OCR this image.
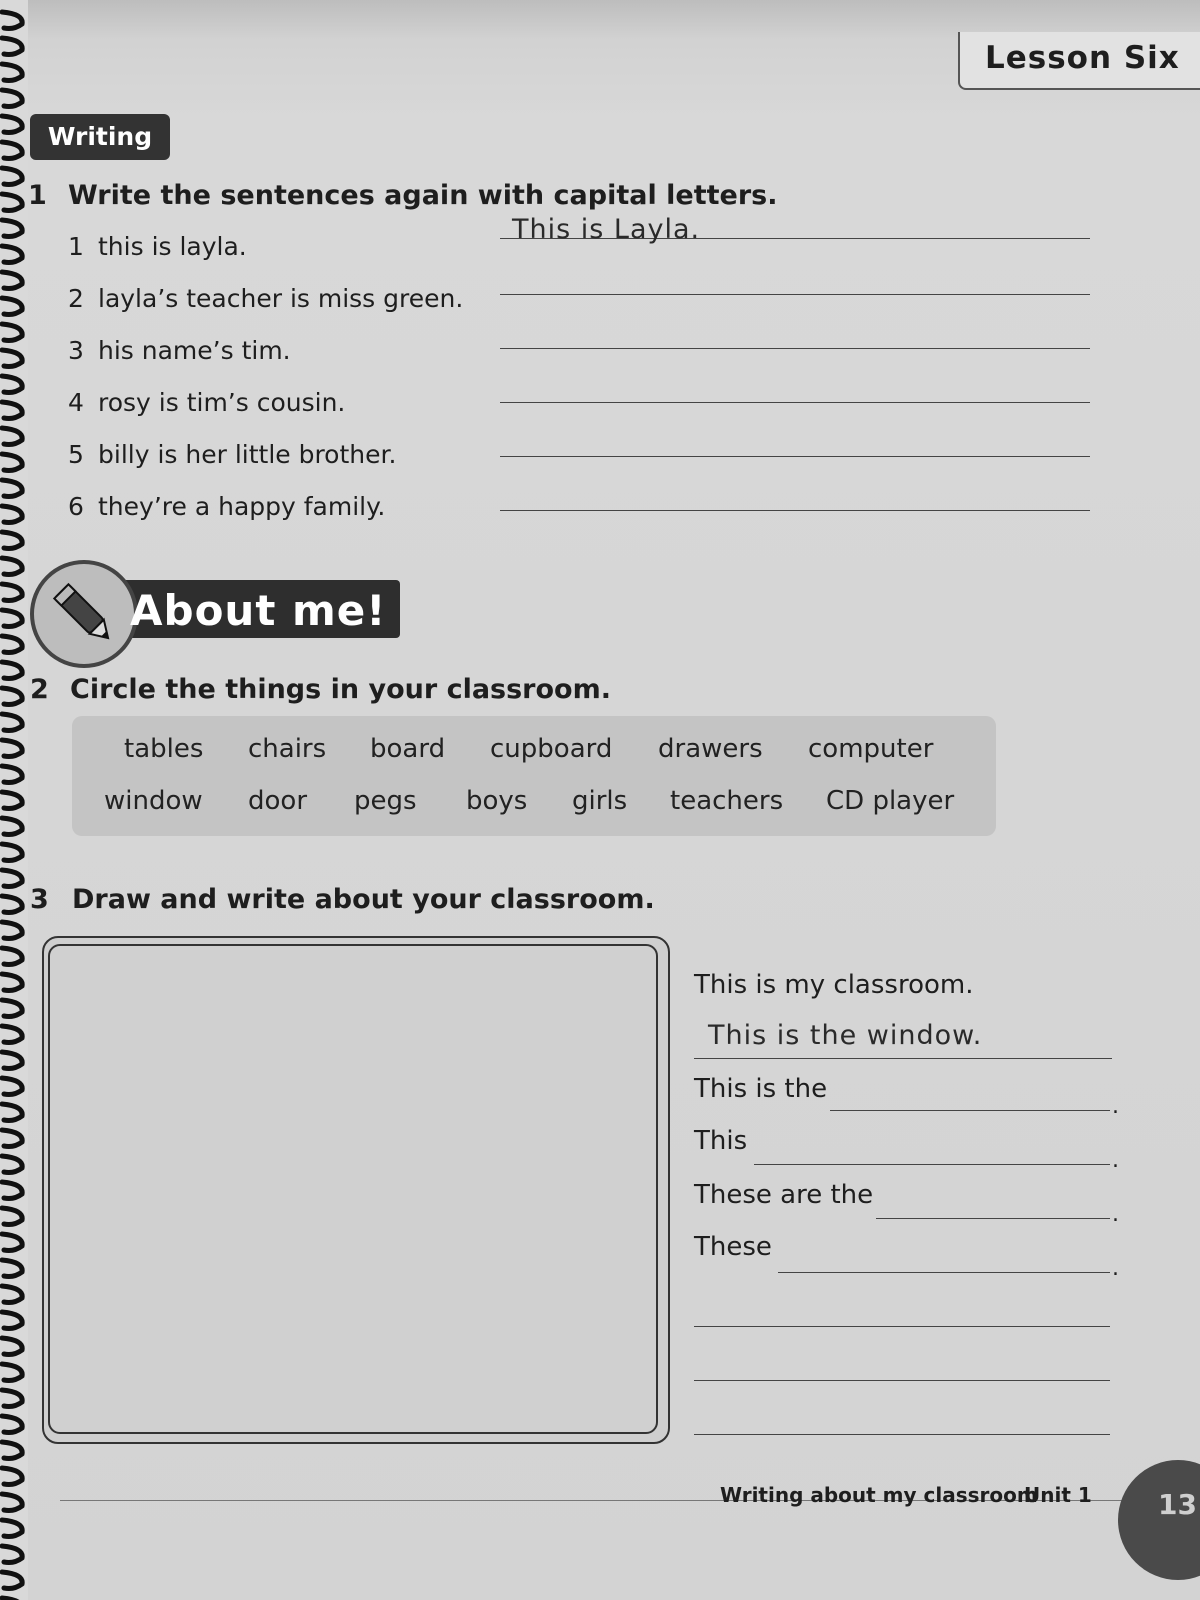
Lesson Six
Writing
1 Write the sentences again with capital letters.
1 this is layla.
This is Layla.
2 layla’s teacher is miss green.
3 his name’s tim.
4 rosy is tim’s cousin.
5 billy is her little brother.
6 they’re a happy family.
About me!
2 Circle the things in your classroom.
tables chairs board cupboard drawers computer
window door pegs boys girls teachers CD player
3 Draw and write about your classroom.
This is my classroom.
This is the window.
This is the
.
This
.
These are the
.
These
.
Writing about my classroom
Unit 1 13
